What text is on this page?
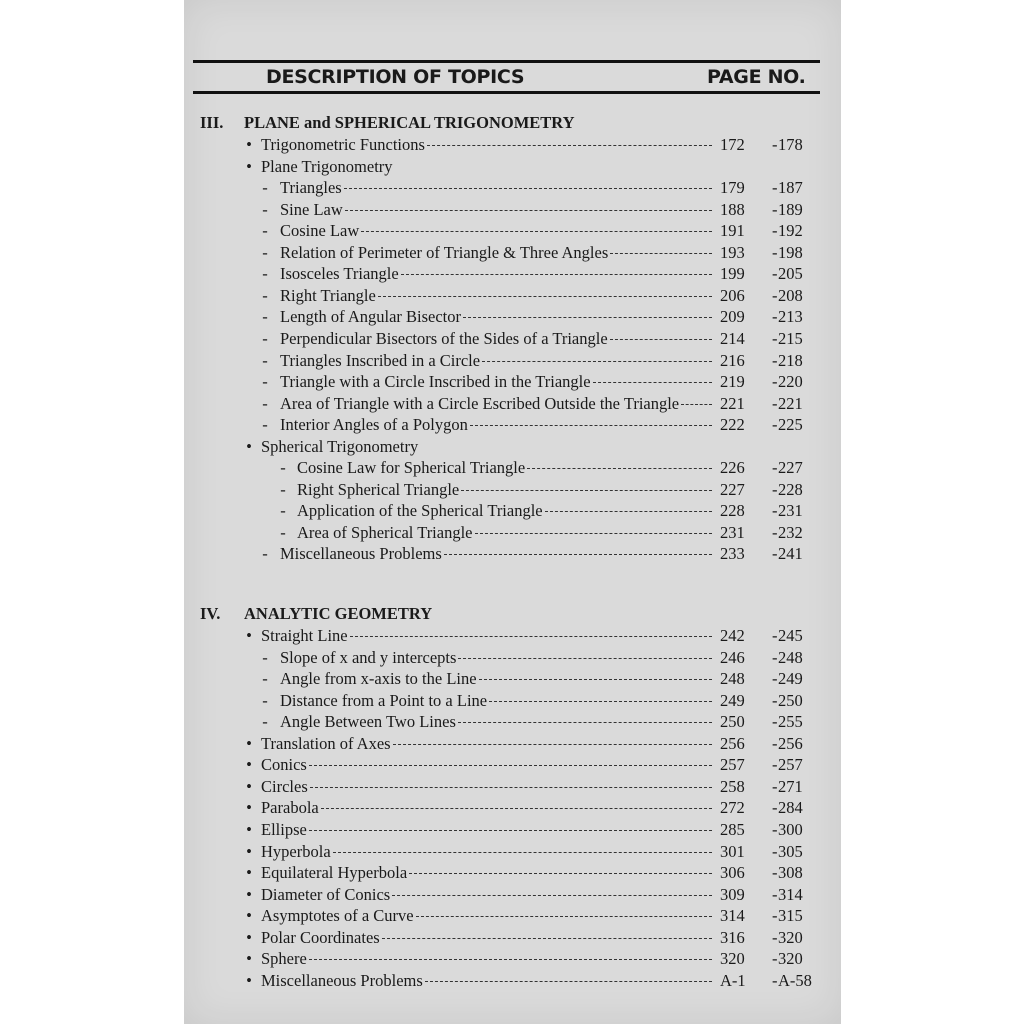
DESCRIPTION OF TOPICS	PAGE NO.
III. PLANE and SPHERICAL TRIGONOMETRY
• Trigonometric Functions	172 - 178
• Plane Trigonometry
- Triangles	179 - 187
- Sine Law	188 - 189
- Cosine Law	191 - 192
- Relation of Perimeter of Triangle & Three Angles	193 - 198
- Isosceles Triangle	199 - 205
- Right Triangle	206 - 208
- Length of Angular Bisector	209 - 213
- Perpendicular Bisectors of the Sides of a Triangle	214 - 215
- Triangles Inscribed in a Circle	216 - 218
- Triangle with a Circle Inscribed in the Triangle	219 - 220
- Area of Triangle with a Circle Escribed Outside the Triangle 221 - 221
- Interior Angles of a Polygon	222 - 225
• Spherical Trigonometry
- Cosine Law for Spherical Triangle	226 - 227
- Right Spherical Triangle	227 - 228
- Application of the Spherical Triangle	228 - 231
- Area of Spherical Triangle	231 - 232
- Miscellaneous Problems	233 - 241
IV. ANALYTIC GEOMETRY
• Straight Line	242 - 245
- Slope of x and y intercepts	246 - 248
- Angle from x-axis to the Line	248 - 249
- Distance from a Point to a Line	249 - 250
- Angle Between Two Lines	250 - 255
• Translation of Axes	256 - 256
• Conics	257 - 257
• Circles	258 - 271
• Parabola	272 - 284
• Ellipse	285 - 300
• Hyperbola	301 - 305
• Equilateral Hyperbola	306 - 308
• Diameter of Conics	309 - 314
• Asymptotes of a Curve	314 - 315
• Polar Coordinates	316 - 320
• Sphere	320 - 320
• Miscellaneous Problems	A-1 - A-58
